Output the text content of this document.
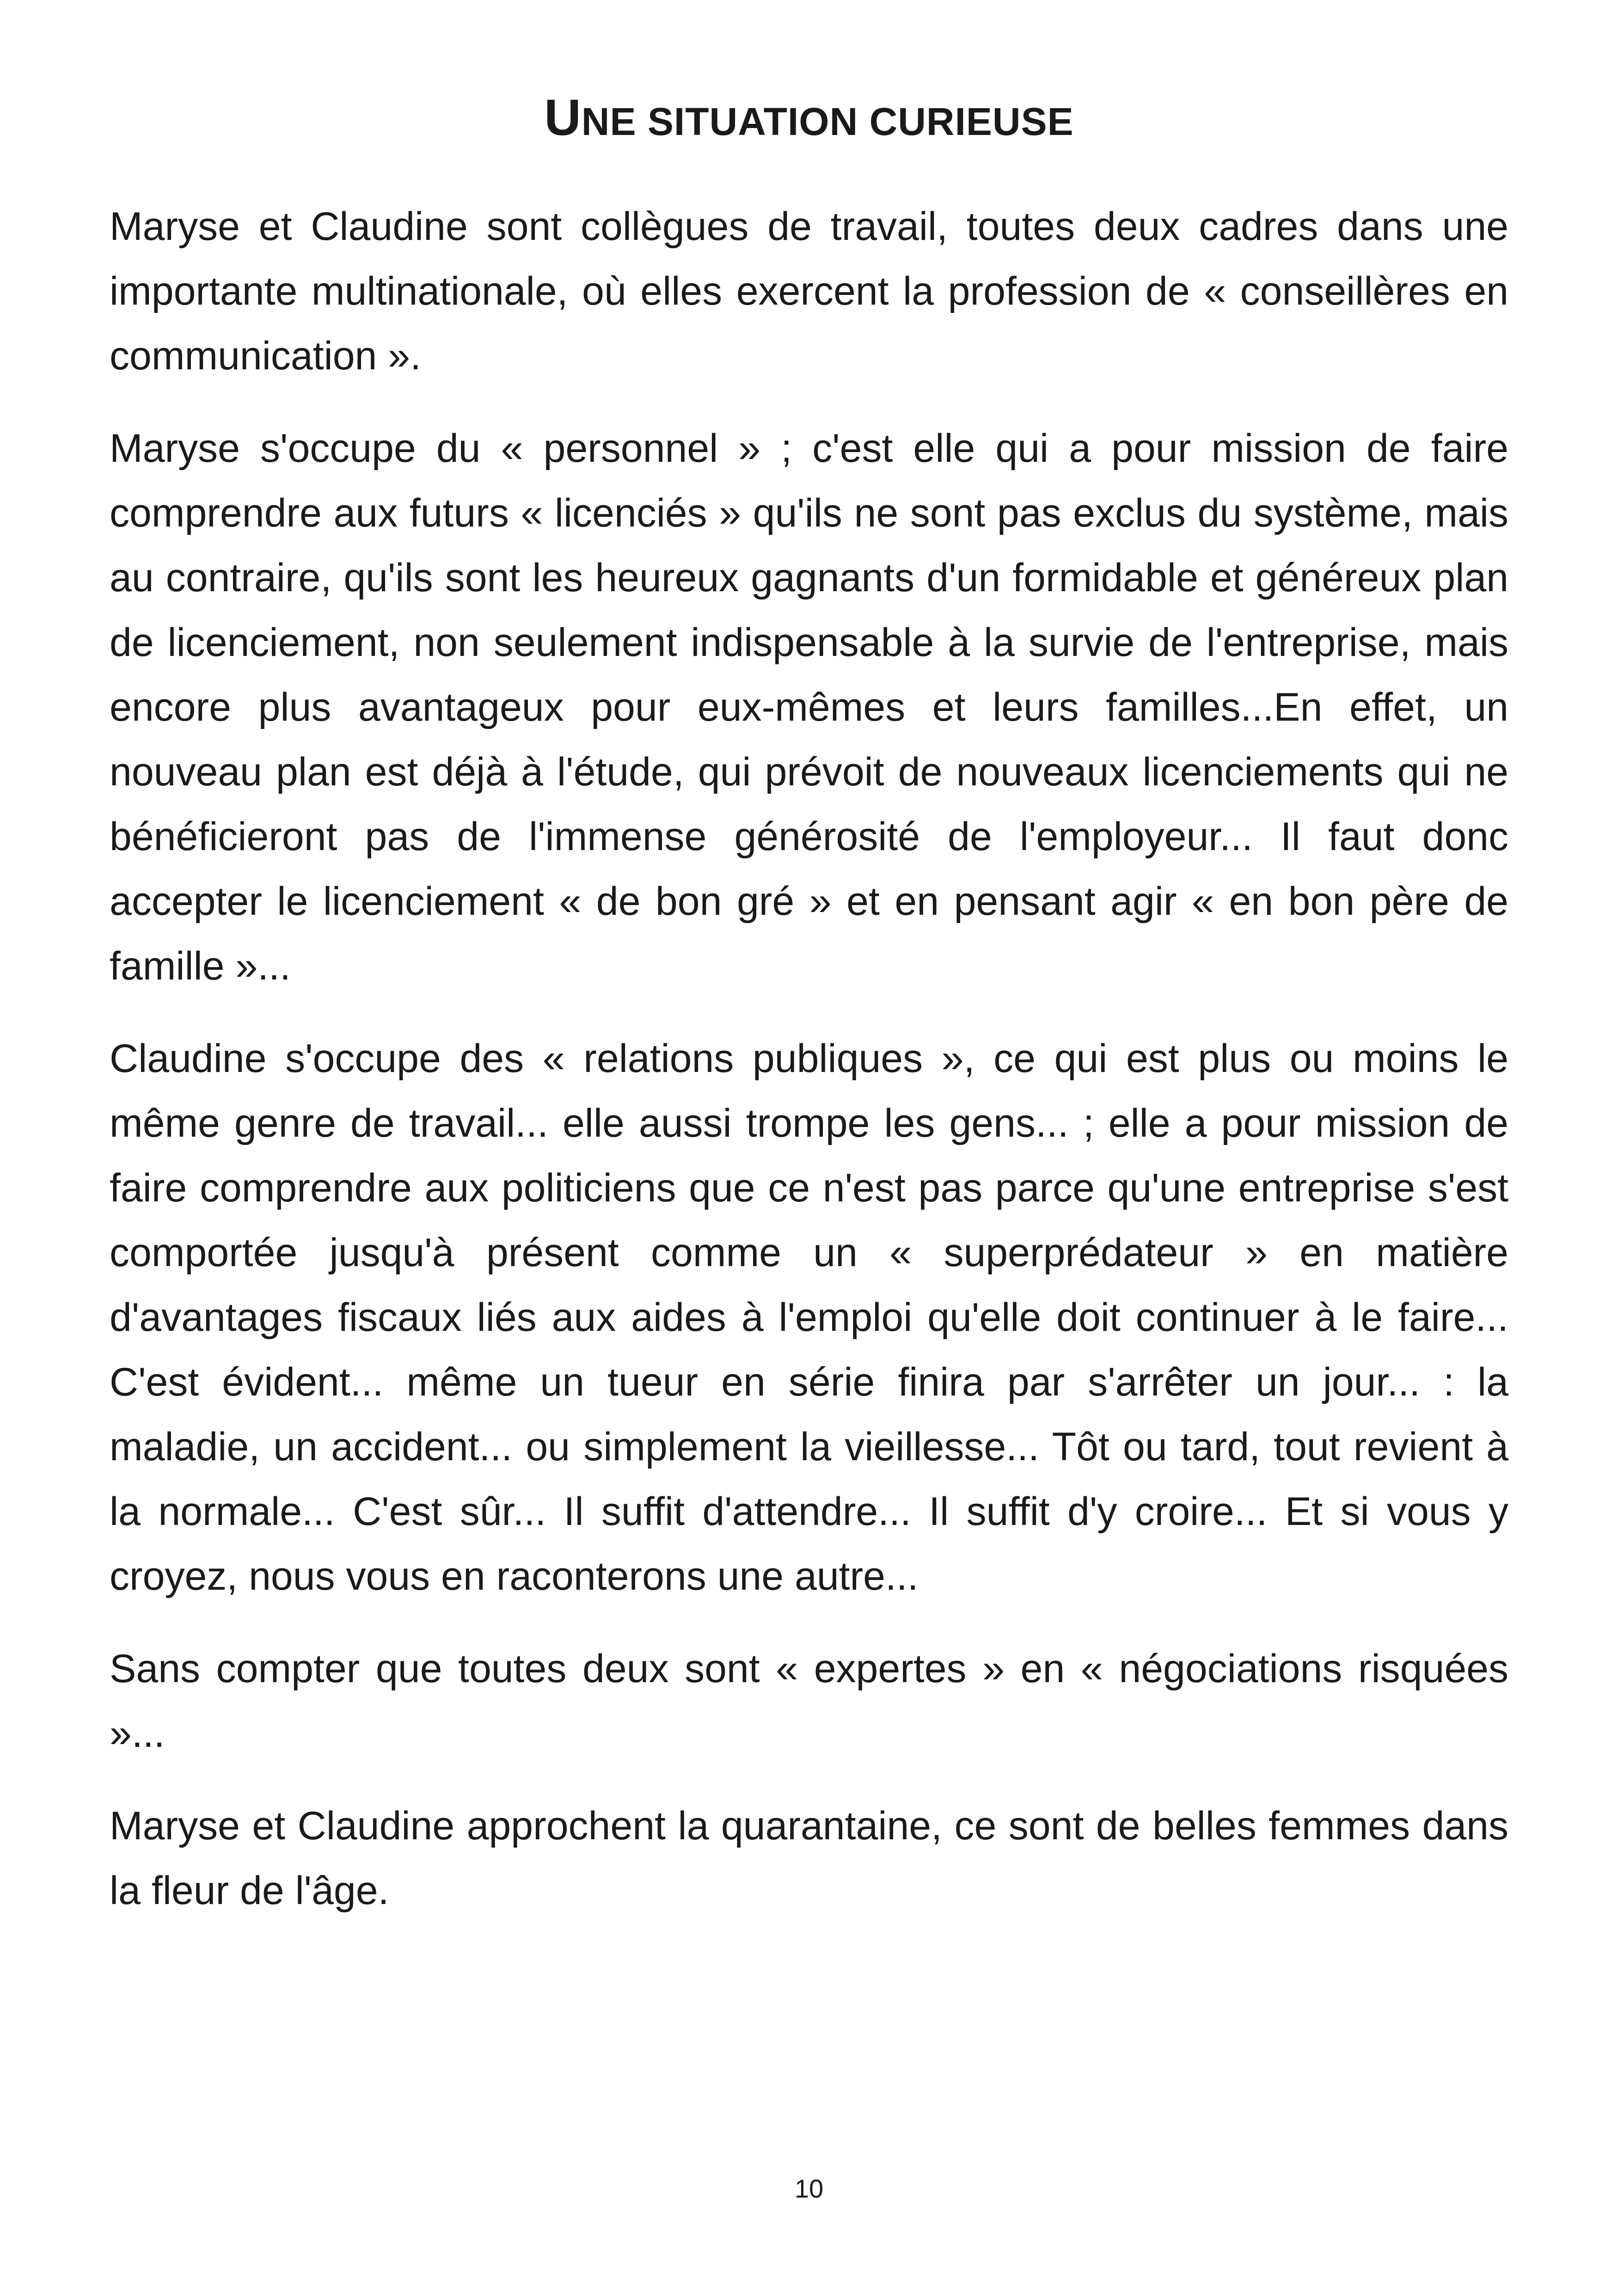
UNE SITUATION CURIEUSE

Maryse et Claudine sont collègues de travail, toutes deux cadres dans une importante multinationale, où elles exercent la profession de « conseillères en communication ».

Maryse s'occupe du « personnel » ; c'est elle qui a pour mission de faire comprendre aux futurs « licenciés » qu'ils ne sont pas exclus du système, mais au contraire, qu'ils sont les heureux gagnants d'un formidable et généreux plan de licenciement, non seulement indispensable à la survie de l'entreprise, mais encore plus avantageux pour eux-mêmes et leurs familles...En effet, un nouveau plan est déjà à l'étude, qui prévoit de nouveaux licenciements qui ne bénéficieront pas de l'immense générosité de l'employeur... Il faut donc accepter le licenciement « de bon gré » et en pensant agir « en bon père de famille »...

Claudine s'occupe des « relations publiques », ce qui est plus ou moins le même genre de travail... elle aussi trompe les gens... ; elle a pour mission de faire comprendre aux politiciens que ce n'est pas parce qu'une entreprise s'est comportée jusqu'à présent comme un « superprédateur » en matière d'avantages fiscaux liés aux aides à l'emploi qu'elle doit continuer à le faire... C'est évident... même un tueur en série finira par s'arrêter un jour... : la maladie, un accident... ou simplement la vieillesse... Tôt ou tard, tout revient à la normale... C'est sûr... Il suffit d'attendre... Il suffit d'y croire... Et si vous y croyez, nous vous en raconterons une autre...

Sans compter que toutes deux sont « expertes » en « négociations risquées »...

Maryse et Claudine approchent la quarantaine, ce sont de belles femmes dans la fleur de l'âge.

10
